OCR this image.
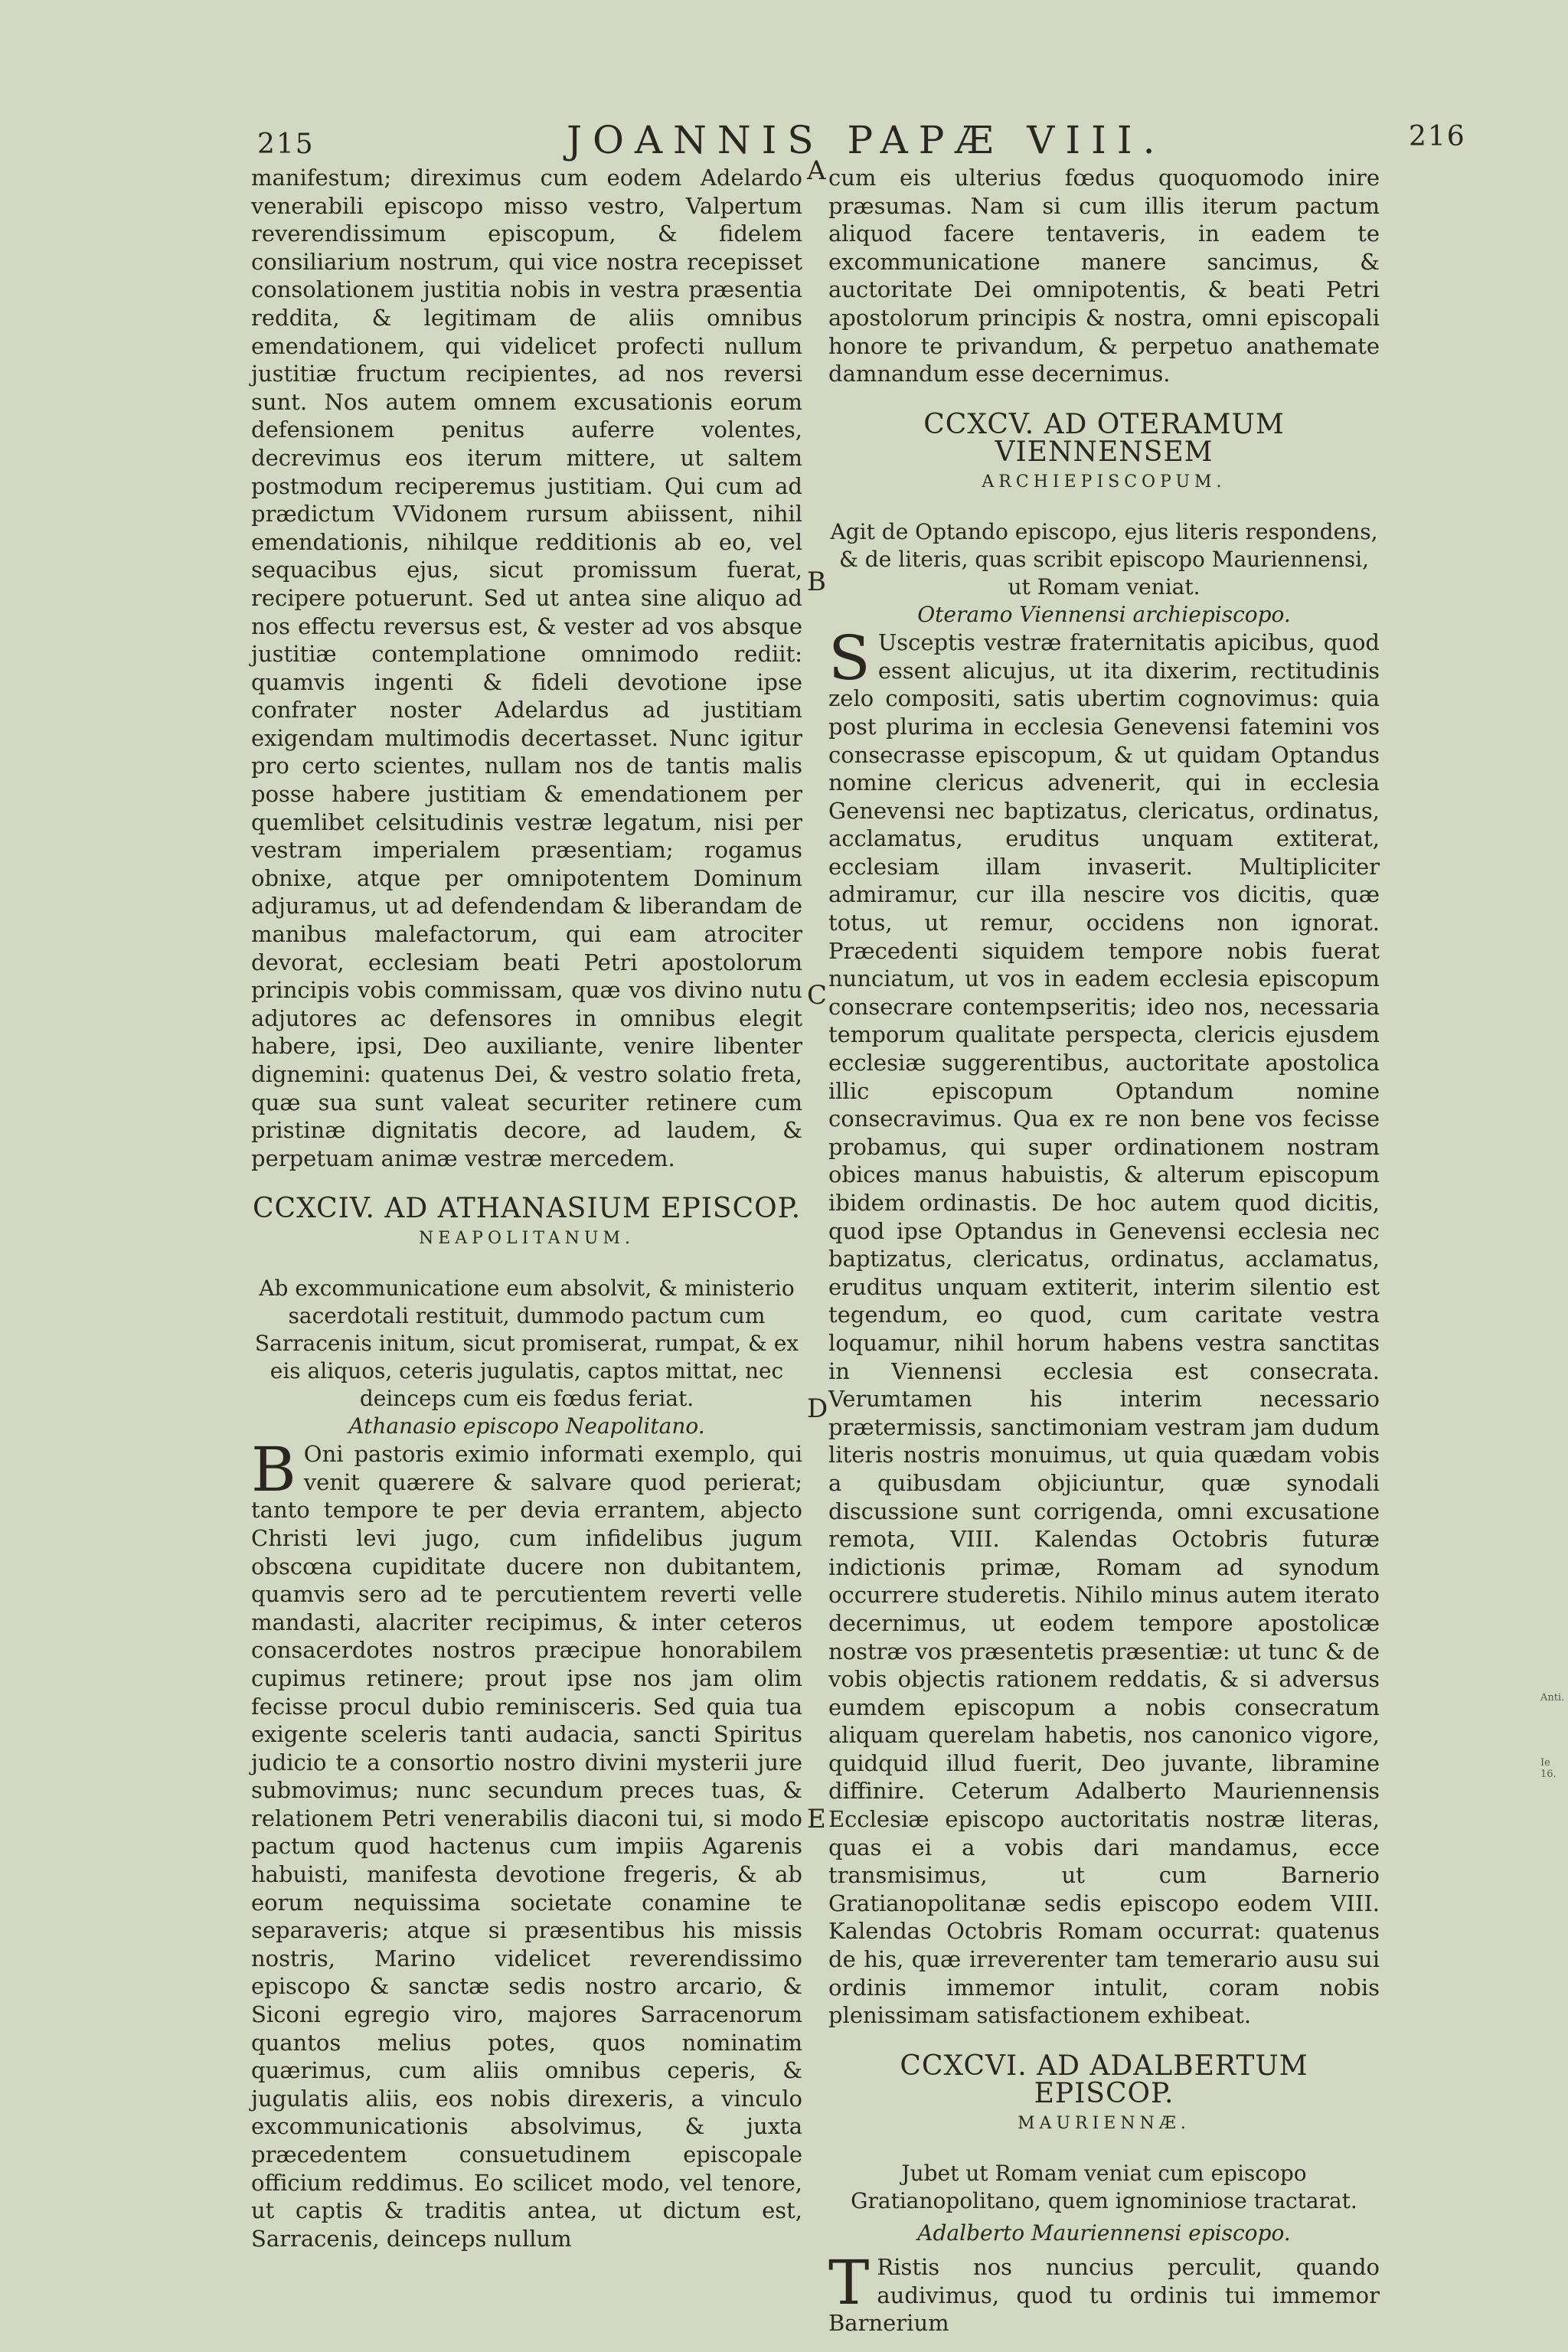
215	JOANNIS PAPÆ VIII.	216

manifestum; direximus cum eodem Adelardo venerabili episcopo misso vestro, Valpertum reverendissimum episcopum, & fidelem consiliarium nostrum, qui vice nostra recepisset consolationem justitia nobis in vestra præsentia reddita, & legitimam de aliis omnibus emendationem, qui videlicet profecti nullum justitiæ fructum recipientes, ad nos reversi sunt. Nos autem omnem excusationis eorum defensionem penitus auferre volentes, decrevimus eos iterum mittere, ut saltem postmodum reciperemus justitiam. Qui cum ad prædictum VVidonem rursum abiissent, nihil emendationis, nihilque redditionis ab eo, vel sequacibus ejus, sicut promissum fuerat, recipere potuerunt. Sed ut antea sine aliquo ad nos effectu reversus est, & vester ad vos absque justitiæ contemplatione omnimodo rediit: quamvis ingenti & fideli devotione ipse confrater noster Adelardus ad justitiam exigendam multimodis decertasset. Nunc igitur pro certo scientes, nullam nos de tantis malis posse habere justitiam & emendationem per quemlibet celsitudinis vestræ legatum, nisi per vestram imperialem præsentiam; rogamus obnixe, atque per omnipotentem Dominum adjuramus, ut ad defendendam & liberandam de manibus malefactorum, qui eam atrociter devorat, ecclesiam beati Petri apostolorum principis vobis commissam, quæ vos divino nutu adjutores ac defensores in omnibus elegit habere, ipsi, Deo auxiliante, venire libenter dignemini: quatenus Dei, & vestro solatio freta, quæ sua sunt valeat securiter retinere cum pristinæ dignitatis decore, ad laudem, & perpetuam animæ vestræ mercedem.

CCXCIV. AD ATHANASIUM EPISCOP.
NEAPOLITANUM.

Ab excommunicatione eum absolvit, & ministerio sacerdotali restituit, dummodo pactum cum Sarracenis initum, sicut promiserat, rumpat, & ex eis aliquos, ceteris jugulatis, captos mittat, nec deinceps cum eis fœdus feriat.

Athanasio episcopo Neapolitano.

B Oni pastoris eximio informati exemplo, qui venit quærere & salvare quod perierat; tanto tempore te per devia errantem, abjecto Christi levi jugo, cum infidelibus jugum obscœna cupiditate ducere non dubitantem, quamvis sero ad te percutientem reverti velle mandasti, alacriter recipimus, & inter ceteros consacerdotes nostros præcipue honorabilem cupimus retinere; prout ipse nos jam olim fecisse procul dubio reminisceris. Sed quia tua exigente sceleris tanti audacia, sancti Spiritus judicio te a consortio nostro divini mysterii jure submovimus; nunc secundum preces tuas, & relationem Petri venerabilis diaconi tui, si modo pactum quod hactenus cum impiis Agarenis habuisti, manifesta devotione fregeris, & ab eorum nequissima societate conamine te separaveris; atque si præsentibus his missis nostris, Marino videlicet reverendissimo episcopo & sanctæ sedis nostro arcario, & Siconi egregio viro, majores Sarracenorum quantos melius potes, quos nominatim quærimus, cum aliis omnibus ceperis, & jugulatis aliis, eos nobis direxeris, a vinculo excommunicationis absolvimus, & juxta præcedentem consuetudinem episcopale officium reddimus. Eo scilicet modo, vel tenore, ut captis & traditis antea, ut dictum est, Sarracenis, deinceps nullum

cum eis ulterius fœdus quoquomodo inire præsumas. Nam si cum illis iterum pactum aliquod facere tentaveris, in eadem te excommunicatione manere sancimus, & auctoritate Dei omnipotentis, & beati Petri apostolorum principis & nostra, omni episcopali honore te privandum, & perpetuo anathemate damnandum esse decernimus.

CCXCV. AD OTERAMUM VIENNENSEM
ARCHIEPISCOPUM.

Agit de Optando episcopo, ejus literis respondens, & de literis, quas scribit episcopo Mauriennensi, ut Romam veniat.

Oteramo Viennensi archiepiscopo.

S Usceptis vestræ fraternitatis apicibus, quod essent alicujus, ut ita dixerim, rectitudinis zelo compositi, satis ubertim cognovimus: quia post plurima in ecclesia Genevensi fatemini vos consecrasse episcopum, & ut quidam Optandus nomine clericus advenerit, qui in ecclesia Genevensi nec baptizatus, clericatus, ordinatus, acclamatus, eruditus unquam extiterat, ecclesiam illam invaserit. Multipliciter admiramur, cur illa nescire vos dicitis, quæ totus, ut remur, occidens non ignorat. Præcedenti siquidem tempore nobis fuerat nunciatum, ut vos in eadem ecclesia episcopum consecrare contempseritis; ideo nos, necessaria temporum qualitate perspecta, clericis ejusdem ecclesiæ suggerentibus, auctoritate apostolica illic episcopum Optandum nomine consecravimus. Qua ex re non bene vos fecisse probamus, qui super ordinationem nostram obices manus habuistis, & alterum episcopum ibidem ordinastis. De hoc autem quod dicitis, quod ipse Optandus in Genevensi ecclesia nec baptizatus, clericatus, ordinatus, acclamatus, eruditus unquam extiterit, interim silentio est tegendum, eo quod, cum caritate vestra loquamur, nihil horum habens vestra sanctitas in Viennensi ecclesia est consecrata. Verumtamen his interim necessario prætermissis, sanctimoniam vestram jam dudum literis nostris monuimus, ut quia quædam vobis a quibusdam objiciuntur, quæ synodali discussione sunt corrigenda, omni excusatione remota, VIII. Kalendas Octobris futuræ indictionis primæ, Romam ad synodum occurrere studeretis. Nihilo minus autem iterato decernimus, ut eodem tempore apostolicæ nostræ vos præsentetis præsentiæ: ut tunc & de vobis objectis rationem reddatis, & si adversus eumdem episcopum a nobis consecratum aliquam querelam habetis, nos canonico vigore, quidquid illud fuerit, Deo juvante, libramine diffinire. Ceterum Adalberto Mauriennensis Ecclesiæ episcopo auctoritatis nostræ literas, quas ei a vobis dari mandamus, ecce transmisimus, ut cum Barnerio Gratianopolitanæ sedis episcopo eodem VIII. Kalendas Octobris Romam occurrat: quatenus de his, quæ irreverenter tam temerario ausu sui ordinis immemor intulit, coram nobis plenissimam satisfactionem exhibeat.

CCXCVI. AD ADALBERTUM EPISCOP.
MAURIENNÆ.

Jubet ut Romam veniat cum episcopo Gratianopolitano, quem ignominiose tractarat.

Adalberto Mauriennensi episcopo.

T Ristis nos nuncius perculit, quando audivimus, quod tu ordinis tui immemor Barnerium

A
B
C
D
E
Anti.
Ie 16.
